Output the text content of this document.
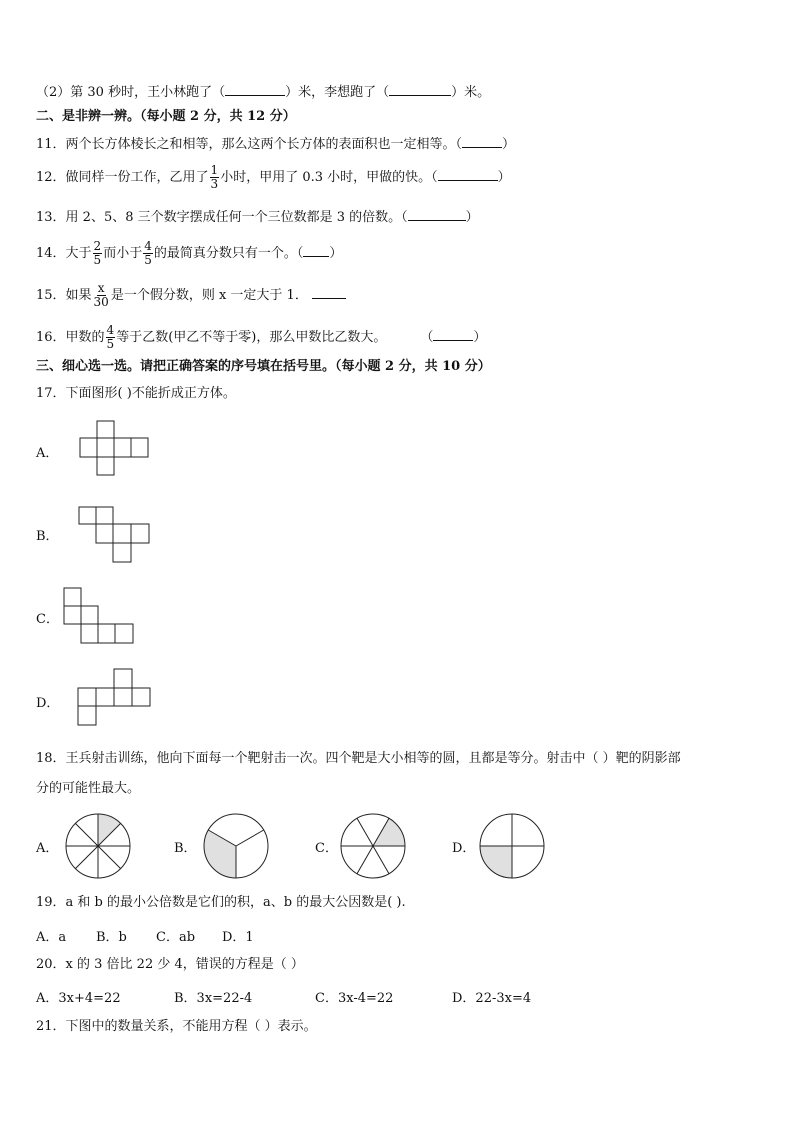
（2）第 30 秒时，王小林跑了（	）米，李想跑了（	）米。
二、是非辨一辨。（每小题 2 分，共 12 分）
11．两个长方体棱长之和相等，那么这两个长方体的表面积也一定相等。（	）
12．做同样一份工作，乙用了 $\frac{1}{3}$ 小时，甲用了 0.3 小时，甲做的快。（	）
13．用 2、5、8 三个数字摆成任何一个三位数都是 3 的倍数。（	）
14．大于 $\frac{2}{5}$ 而小于 $\frac{4}{5}$ 的最简真分数只有一个。（ ）
15．如果 $\frac{x}{30}$ 是一个假分数，则 x 一定大于 1．
16．甲数的 $\frac{4}{5}$ 等于乙数(甲乙不等于零)，那么甲数比乙数大。	（	）
三、细心选一选。请把正确答案的序号填在括号里。（每小题 2 分，共 10 分）
17．下面图形( )不能折成正方体。
A．
B．
C．
D．
18．王兵射击训练，他向下面每一个靶射击一次。四个靶是大小相等的圆，且都是等分。射击中（ ）靶的阴影部
分的可能性最大。
A．	B．	C．	D．
19．a 和 b 的最小公倍数是它们的积，a、b 的最大公因数是( ).
A．a B．b C．ab D．1
20．x 的 3 倍比 22 少 4，错误的方程是（ ）
A．3x+4=22	B．3x=22-4	C．3x-4=22	D．22-3x=4
21．下图中的数量关系，不能用方程（ ）表示。
